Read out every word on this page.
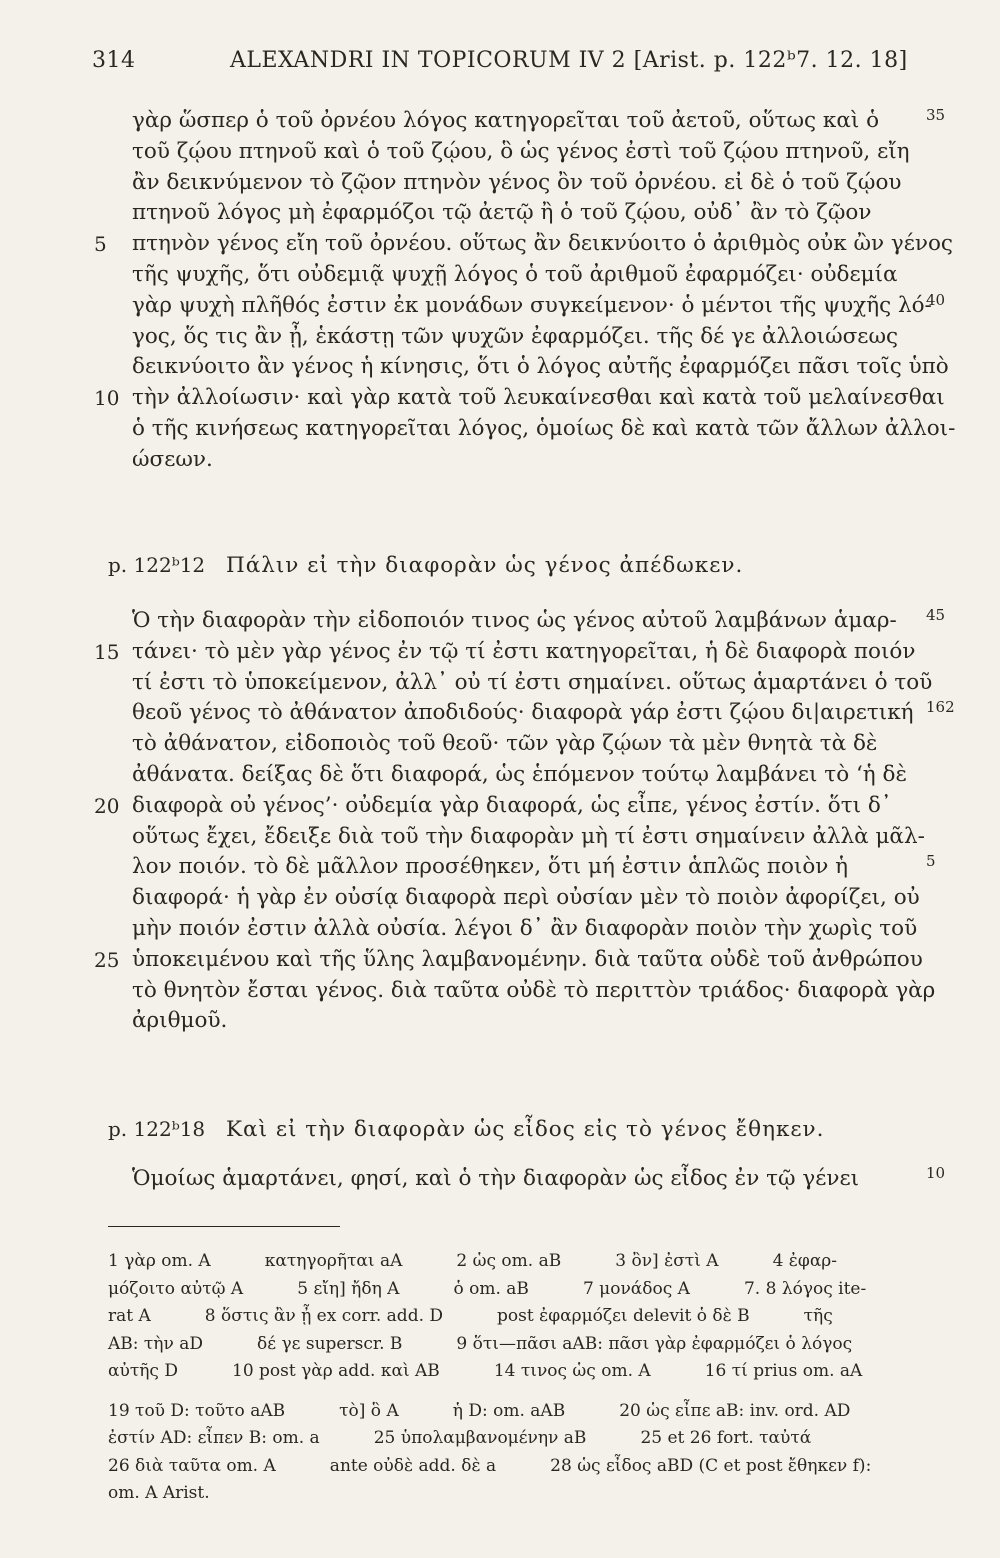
314	ALEXANDRI IN TOPICORUM IV 2 [Arist. p. 122ᵇ7. 12. 18]
γὰρ ὥσπερ ὁ τοῦ ὀρνέου λόγος κατηγορεῖται τοῦ ἀετοῦ, οὕτως καὶ ὁ	35
τοῦ ζῴου πτηνοῦ καὶ ὁ τοῦ ζῴου, ὃ ὡς γένος ἐστὶ τοῦ ζῴου πτηνοῦ, εἴη
ἂν δεικνύμενον τὸ ζῷον πτηνὸν γένος ὂν τοῦ ὀρνέου. εἰ δὲ ὁ τοῦ ζῴου
πτηνοῦ λόγος μὴ ἐφαρμόζοι τῷ ἀετῷ ἢ ὁ τοῦ ζῴου, οὐδ᾽ ἂν τὸ ζῷον
πτηνὸν γένος εἴη τοῦ ὀρνέου. οὕτως ἂν δεικνύοιτο ὁ ἀριθμὸς οὐκ ὢν γένος
5
τῆς ψυχῆς, ὅτι οὐδεμιᾷ ψυχῇ λόγος ὁ τοῦ ἀριθμοῦ ἐφαρμόζει· οὐδεμία
γὰρ ψυχὴ πλῆθός ἐστιν ἐκ μονάδων συγκείμενον· ὁ μέντοι τῆς ψυχῆς λό-
40
γος, ὅς τις ἂν ᾖ, ἑκάστῃ τῶν ψυχῶν ἐφαρμόζει. τῆς δέ γε ἀλλοιώσεως
δεικνύοιτο ἂν γένος ἡ κίνησις, ὅτι ὁ λόγος αὐτῆς ἐφαρμόζει πᾶσι τοῖς ὑπὸ
τὴν ἀλλοίωσιν· καὶ γὰρ κατὰ τοῦ λευκαίνεσθαι καὶ κατὰ τοῦ μελαίνεσθαι
10
ὁ τῆς κινήσεως κατηγορεῖται λόγος, ὁμοίως δὲ καὶ κατὰ τῶν ἄλλων ἀλλοι-
ώσεων.
Ὁ τὴν διαφορὰν τὴν εἰδοποιόν τινος ὡς γένος αὐτοῦ λαμβάνων ἁμαρ-	45
τάνει· τὸ μὲν γὰρ γένος ἐν τῷ τί ἐστι κατηγορεῖται, ἡ δὲ διαφορὰ ποιόν
15
τί ἐστι τὸ ὑποκείμενον, ἀλλ᾽ οὐ τί ἐστι σημαίνει. οὕτως ἁμαρτάνει ὁ τοῦ
θεοῦ γένος τὸ ἀθάνατον ἀποδιδούς· διαφορὰ γάρ ἐστι ζῴου δι|αιρετική 162
τὸ ἀθάνατον, εἰδοποιὸς τοῦ θεοῦ· τῶν γὰρ ζῴων τὰ μὲν θνητὰ τὰ δὲ
ἀθάνατα. δείξας δὲ ὅτι διαφορά, ὡς ἑπόμενον τούτῳ λαμβάνει τὸ ‘ἡ δὲ
διαφορὰ οὐ γένος’· οὐδεμία γὰρ διαφορά, ὡς εἶπε, γένος ἐστίν. ὅτι δ᾽
20
οὕτως ἔχει, ἔδειξε διὰ τοῦ τὴν διαφορὰν μὴ τί ἐστι σημαίνειν ἀλλὰ μᾶλ-
λον ποιόν. τὸ δὲ μᾶλλον προσέθηκεν, ὅτι μή ἐστιν ἁπλῶς ποιὸν ἡ	5
διαφορά· ἡ γὰρ ἐν οὐσίᾳ διαφορὰ περὶ οὐσίαν μὲν τὸ ποιὸν ἀφορίζει, οὐ
μὴν ποιόν ἐστιν ἀλλὰ οὐσία. λέγοι δ᾽ ἂν διαφορὰν ποιὸν τὴν χωρὶς τοῦ
ὑποκειμένου καὶ τῆς ὕλης λαμβανομένην. διὰ ταῦτα οὐδὲ τοῦ ἀνθρώπου
25
τὸ θνητὸν ἔσται γένος. διὰ ταῦτα οὐδὲ τὸ περιττὸν τριάδος· διαφορὰ γὰρ
ἀριθμοῦ.
Ὁμοίως ἁμαρτάνει, φησί, καὶ ὁ τὴν διαφορὰν ὡς εἶδος ἐν τῷ γένει	10
p. 122ᵇ12 Πάλιν εἰ τὴν διαφορὰν ὡς γένος ἀπέδωκεν.
p. 122ᵇ18 Καὶ εἰ τὴν διαφορὰν ὡς εἶδος εἰς τὸ γένος ἔθηκεν.
1 γὰρ om. A          κατηγορῆται aA          2 ὡς om. aB          3 ὂν] ἐστὶ A          4 ἐφαρ-
μόζοιτο αὐτῷ A          5 εἴη] ἤδη A          ὁ om. aB          7 μονάδος A          7. 8 λόγος ite-
rat A          8 ὅστις ἂν ᾖ ex corr. add. D          post ἐφαρμόζει delevit ὁ δὲ B          τῆς
AB: τὴν aD          δέ γε superscr. B          9 ὅτι—πᾶσι aAB: πᾶσι γὰρ ἐφαρμόζει ὁ λόγος
αὐτῆς D          10 post γὰρ add. καὶ AB          14 τινος ὡς om. A          16 τί prius om. aA
19 τοῦ D: τοῦτο aAB          τὸ] ὃ A          ἡ D: om. aAB          20 ὡς εἶπε aB: inv. ord. AD
ἐστίν AD: εἶπεν B: om. a          25 ὑπολαμβανομένην aB          25 et 26 fort. ταὐτά
26 διὰ ταῦτα om. A          ante οὐδὲ add. δὲ a          28 ὡς εἶδος aBD (C et post ἔθηκεν f):
om. A Arist.
